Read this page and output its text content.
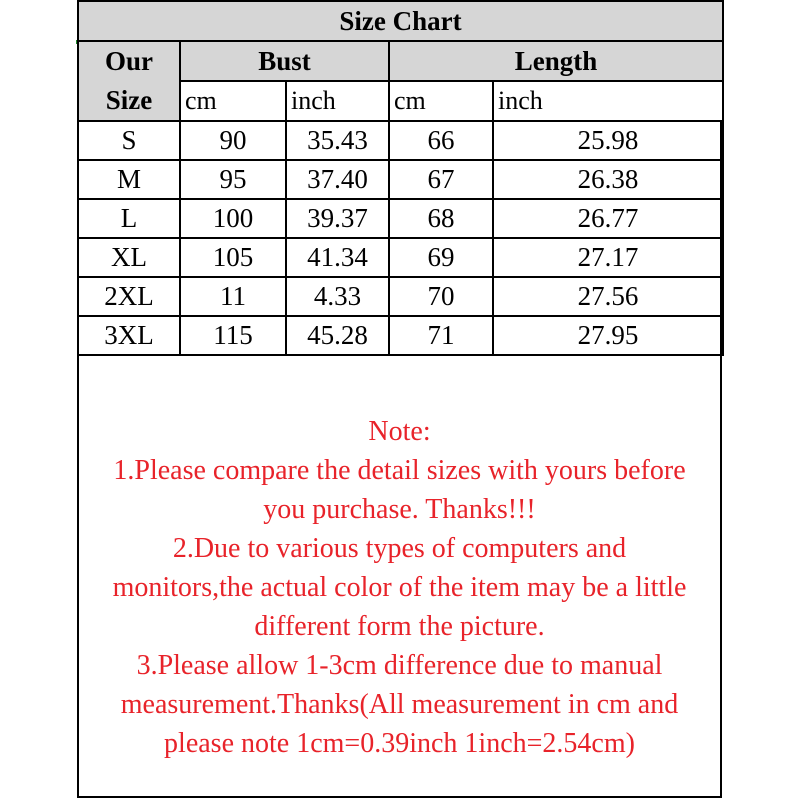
Size Chart				

Our
Size	Bust		Length	
	cm	inch	cm	inch
S	90	35.43	66	25.98
M	95	37.40	67	26.38
L	100	39.37	68	26.77
XL	105	41.34	69	27.17
2XL	11	4.33	70	27.56
3XL	115	45.28	71	27.95
Note:
1.Please compare the detail sizes with yours before
you purchase. Thanks!!!
2.Due to various types of computers and
monitors,the actual color of the item may be a little
different form the picture.
3.Please allow 1-3cm difference due to manual
measurement.Thanks(All measurement in cm and
please note 1cm=0.39inch 1inch=2.54cm)
